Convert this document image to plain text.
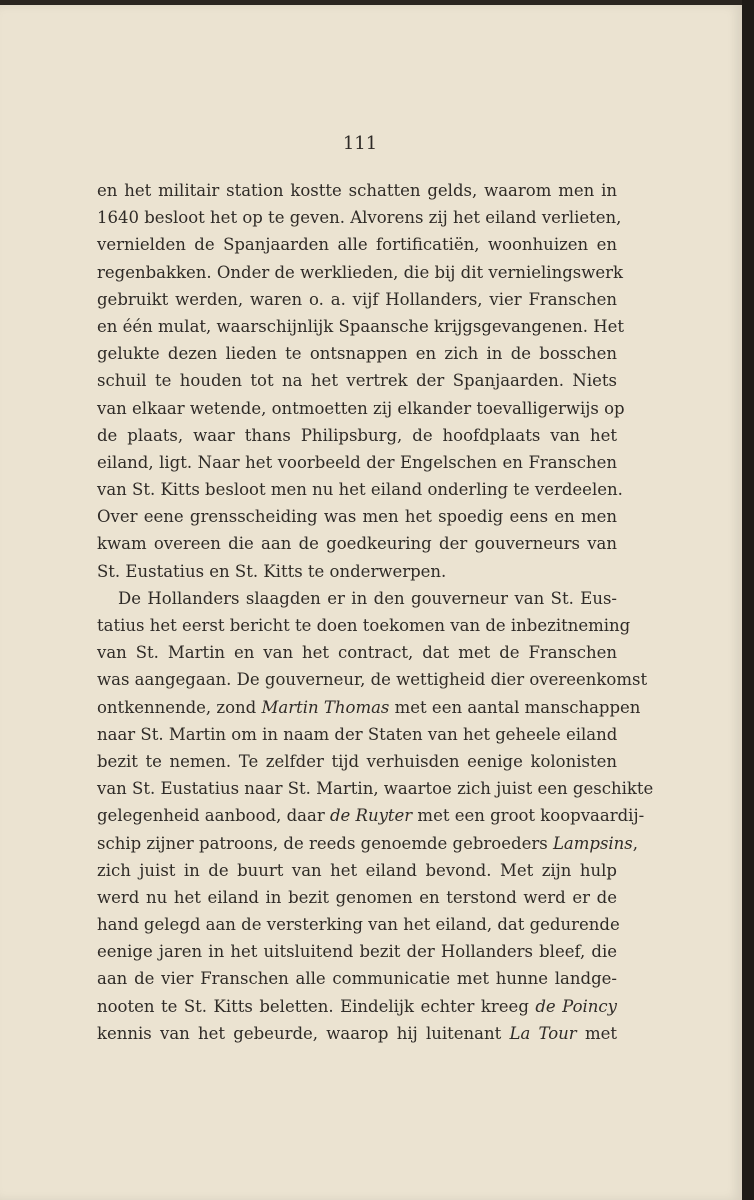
111
en het militair station kostte schatten gelds, waarom men in
1640 besloot het op te geven. Alvorens zij het eiland verlieten,
vernielden de Spanjaarden alle fortificatiën, woonhuizen en
regenbakken. Onder de werklieden, die bij dit vernielingswerk
gebruikt werden, waren o. a. vijf Hollanders, vier Franschen
en één mulat, waarschijnlijk Spaansche krijgsgevangenen. Het
gelukte dezen lieden te ontsnappen en zich in de bosschen
schuil te houden tot na het vertrek der Spanjaarden. Niets
van elkaar wetende, ontmoetten zij elkander toevalligerwijs op
de plaats, waar thans Philipsburg, de hoofdplaats van het
eiland, ligt. Naar het voorbeeld der Engelschen en Franschen
van St. Kitts besloot men nu het eiland onderling te verdeelen.
Over eene grensscheiding was men het spoedig eens en men
kwam overeen die aan de goedkeuring der gouverneurs van
St. Eustatius en St. Kitts te onderwerpen.
De Hollanders slaagden er in den gouverneur van St. Eus-
tatius het eerst bericht te doen toekomen van de inbezitneming
van St. Martin en van het contract, dat met de Franschen
was aangegaan. De gouverneur, de wettigheid dier overeenkomst
ontkennende, zond Martin Thomas met een aantal manschappen
naar St. Martin om in naam der Staten van het geheele eiland
bezit te nemen. Te zelfder tijd verhuisden eenige kolonisten
van St. Eustatius naar St. Martin, waartoe zich juist een geschikte
gelegenheid aanbood, daar de Ruyter met een groot koopvaardij-
schip zijner patroons, de reeds genoemde gebroeders Lampsins,
zich juist in de buurt van het eiland bevond. Met zijn hulp
werd nu het eiland in bezit genomen en terstond werd er de
hand gelegd aan de versterking van het eiland, dat gedurende
eenige jaren in het uitsluitend bezit der Hollanders bleef, die
aan de vier Franschen alle communicatie met hunne landge-
nooten te St. Kitts beletten. Eindelijk echter kreeg de Poincy
kennis van het gebeurde, waarop hij luitenant La Tour met
